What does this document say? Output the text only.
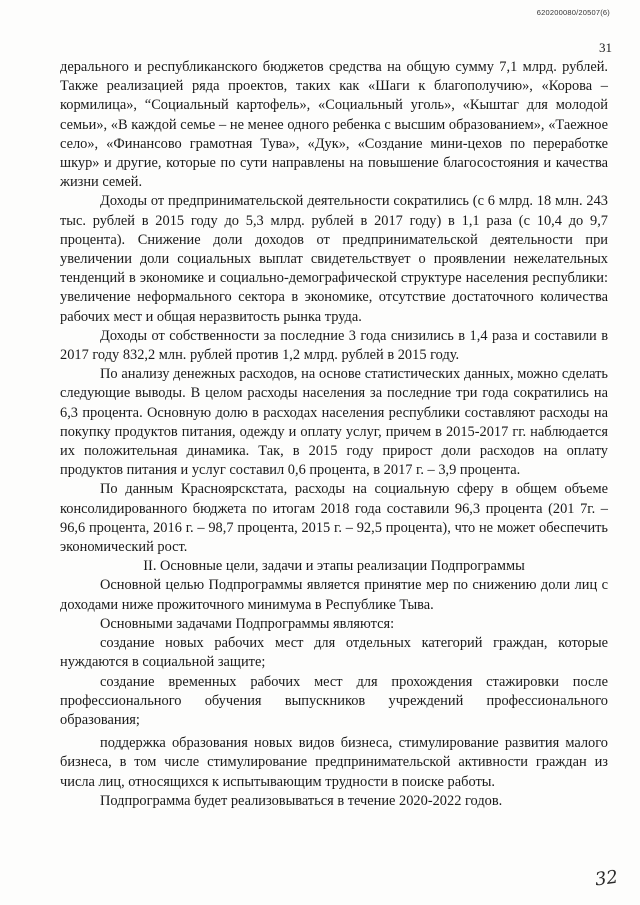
620200080/20507(6)
31

дерального и республиканского бюджетов средства на общую сумму 7,1 млрд. рублей. Также реализацией ряда проектов, таких как «Шаги к благополучию», «Корова – кормилица», “Социальный картофель», «Социальный уголь», «Кыштаг для молодой семьи», «В каждой семье – не менее одного ребенка с высшим образованием», «Таежное село», «Финансово грамотная Тува», «Дук», «Создание мини-цехов по переработке шкур» и другие, которые по сути направлены на повышение благосостояния и качества жизни семей.

Доходы от предпринимательской деятельности сократились (с 6 млрд. 18 млн. 243 тыс. рублей в 2015 году до 5,3 млрд. рублей в 2017 году) в 1,1 раза (с 10,4 до 9,7 процента). Снижение доли доходов от предпринимательской деятельности при увеличении доли социальных выплат свидетельствует о проявлении нежелательных тенденций в экономике и социально-демографической структуре населения республики: увеличение неформального сектора в экономике, отсутствие достаточного количества рабочих мест и общая неразвитость рынка труда.

Доходы от собственности за последние 3 года снизились в 1,4 раза и составили в 2017 году 832,2 млн. рублей против 1,2 млрд. рублей в 2015 году.

По анализу денежных расходов, на основе статистических данных, можно сделать следующие выводы. В целом расходы населения за последние три года сократились на 6,3 процента. Основную долю в расходах населения республики составляют расходы на покупку продуктов питания, одежду и оплату услуг, причем в 2015-2017 гг. наблюдается их положительная динамика. Так, в 2015 году прирост доли расходов на оплату продуктов питания и услуг составил 0,6 процента, в 2017 г. – 3,9 процента.

По данным Красноярскстата, расходы на социальную сферу в общем объеме консолидированного бюджета по итогам 2018 года составили 96,3 процента (201 7г. – 96,6 процента, 2016 г. – 98,7 процента, 2015 г. – 92,5 процента), что не может обеспечить экономический рост.

II. Основные цели, задачи и этапы реализации Подпрограммы

Основной целью Подпрограммы является принятие мер по снижению доли лиц с доходами ниже прожиточного минимума в Республике Тыва.

Основными задачами Подпрограммы являются:

создание новых рабочих мест для отдельных категорий граждан, которые нуждаются в социальной защите;

создание временных рабочих мест для прохождения стажировки после профессионального обучения выпускников учреждений профессионального образования;

поддержка образования новых видов бизнеса, стимулирование развития малого бизнеса, в том числе стимулирование предпринимательской активности граждан из числа лиц, относящихся к испытывающим трудности в поиске работы.

Подпрограмма будет реализовываться в течение 2020-2022 годов.

32
